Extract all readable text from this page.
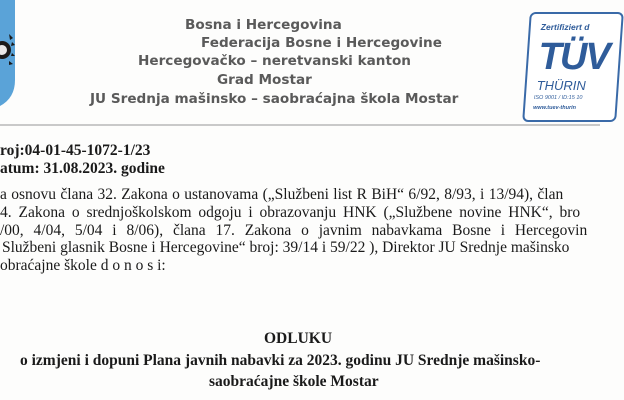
Bosna i Hercegovina
Federacija Bosne i Hercegovine
Hercegovačko – neretvanski kanton
Grad Mostar
JU Srednja mašinsko – saobraćajna škola Mostar
Zertifiziert d
TÜV
THÜRIN
ISO 9001 / ID:15 10
www.tuev-thurin
roj:04-01-45-1072-1/23
atum: 31.08.2023. godine
a osnovu člana 32. Zakona o ustanovama („Službeni list R BiH“ 6/92, 8/93, i 13/94), član
4. Zakona o srednjoškolskom odgoju i obrazovanju HNK („Službene novine HNK“, bro
/00, 4/04, 5/04 i 8/06), člana 17. Zakona o javnim nabavkama Bosne i Hercegovin
Službeni glasnik Bosne i Hercegovine“ broj: 39/14 i 59/22 ), Direktor JU Srednje mašinsko
obraćajne škole d o n o s i:
ODLUKU
o izmjeni i dopuni Plana javnih nabavki za 2023. godinu JU Srednje mašinsko-
saobraćajne škole Mostar
